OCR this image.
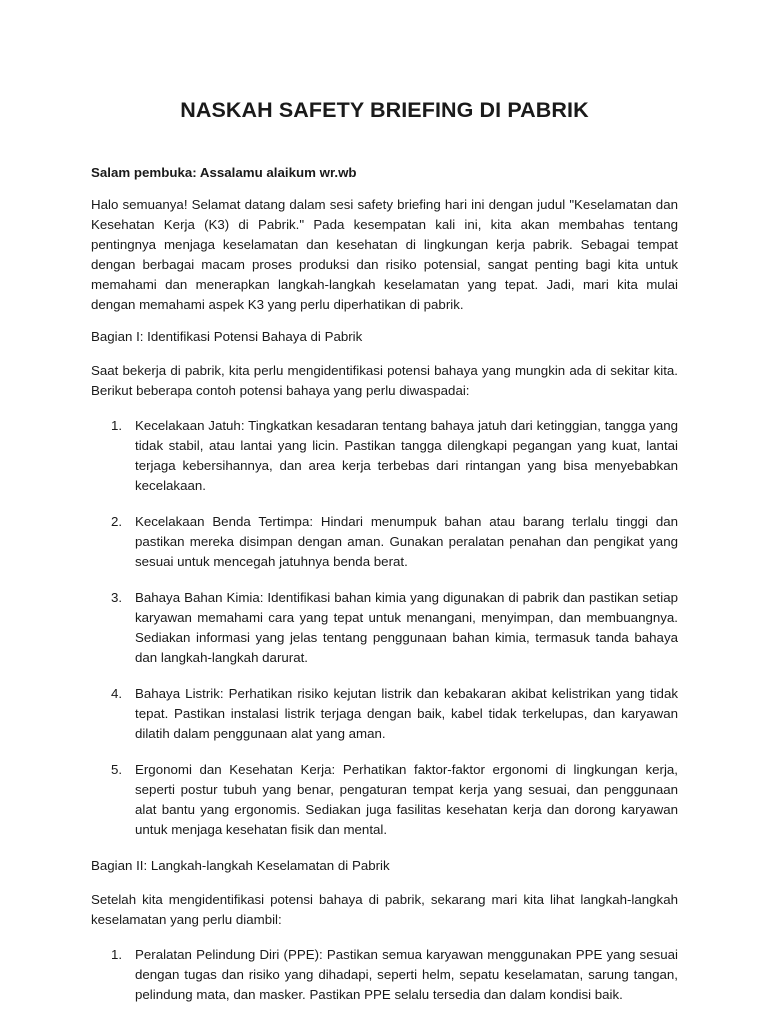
NASKAH SAFETY BRIEFING DI PABRIK

Salam pembuka: Assalamu alaikum wr.wb

Halo semuanya! Selamat datang dalam sesi safety briefing hari ini dengan judul "Keselamatan dan Kesehatan Kerja (K3) di Pabrik." Pada kesempatan kali ini, kita akan membahas tentang pentingnya menjaga keselamatan dan kesehatan di lingkungan kerja pabrik. Sebagai tempat dengan berbagai macam proses produksi dan risiko potensial, sangat penting bagi kita untuk memahami dan menerapkan langkah-langkah keselamatan yang tepat. Jadi, mari kita mulai dengan memahami aspek K3 yang perlu diperhatikan di pabrik.

Bagian I: Identifikasi Potensi Bahaya di Pabrik

Saat bekerja di pabrik, kita perlu mengidentifikasi potensi bahaya yang mungkin ada di sekitar kita. Berikut beberapa contoh potensi bahaya yang perlu diwaspadai:

1. Kecelakaan Jatuh: Tingkatkan kesadaran tentang bahaya jatuh dari ketinggian, tangga yang tidak stabil, atau lantai yang licin. Pastikan tangga dilengkapi pegangan yang kuat, lantai terjaga kebersihannya, dan area kerja terbebas dari rintangan yang bisa menyebabkan kecelakaan.
2. Kecelakaan Benda Tertimpa: Hindari menumpuk bahan atau barang terlalu tinggi dan pastikan mereka disimpan dengan aman. Gunakan peralatan penahan dan pengikat yang sesuai untuk mencegah jatuhnya benda berat.
3. Bahaya Bahan Kimia: Identifikasi bahan kimia yang digunakan di pabrik dan pastikan setiap karyawan memahami cara yang tepat untuk menangani, menyimpan, dan membuangnya. Sediakan informasi yang jelas tentang penggunaan bahan kimia, termasuk tanda bahaya dan langkah-langkah darurat.
4. Bahaya Listrik: Perhatikan risiko kejutan listrik dan kebakaran akibat kelistrikan yang tidak tepat. Pastikan instalasi listrik terjaga dengan baik, kabel tidak terkelupas, dan karyawan dilatih dalam penggunaan alat yang aman.
5. Ergonomi dan Kesehatan Kerja: Perhatikan faktor-faktor ergonomi di lingkungan kerja, seperti postur tubuh yang benar, pengaturan tempat kerja yang sesuai, dan penggunaan alat bantu yang ergonomis. Sediakan juga fasilitas kesehatan kerja dan dorong karyawan untuk menjaga kesehatan fisik dan mental.

Bagian II: Langkah-langkah Keselamatan di Pabrik

Setelah kita mengidentifikasi potensi bahaya di pabrik, sekarang mari kita lihat langkah-langkah keselamatan yang perlu diambil:

1. Peralatan Pelindung Diri (PPE): Pastikan semua karyawan menggunakan PPE yang sesuai dengan tugas dan risiko yang dihadapi, seperti helm, sepatu keselamatan, sarung tangan, pelindung mata, dan masker. Pastikan PPE selalu tersedia dan dalam kondisi baik.
